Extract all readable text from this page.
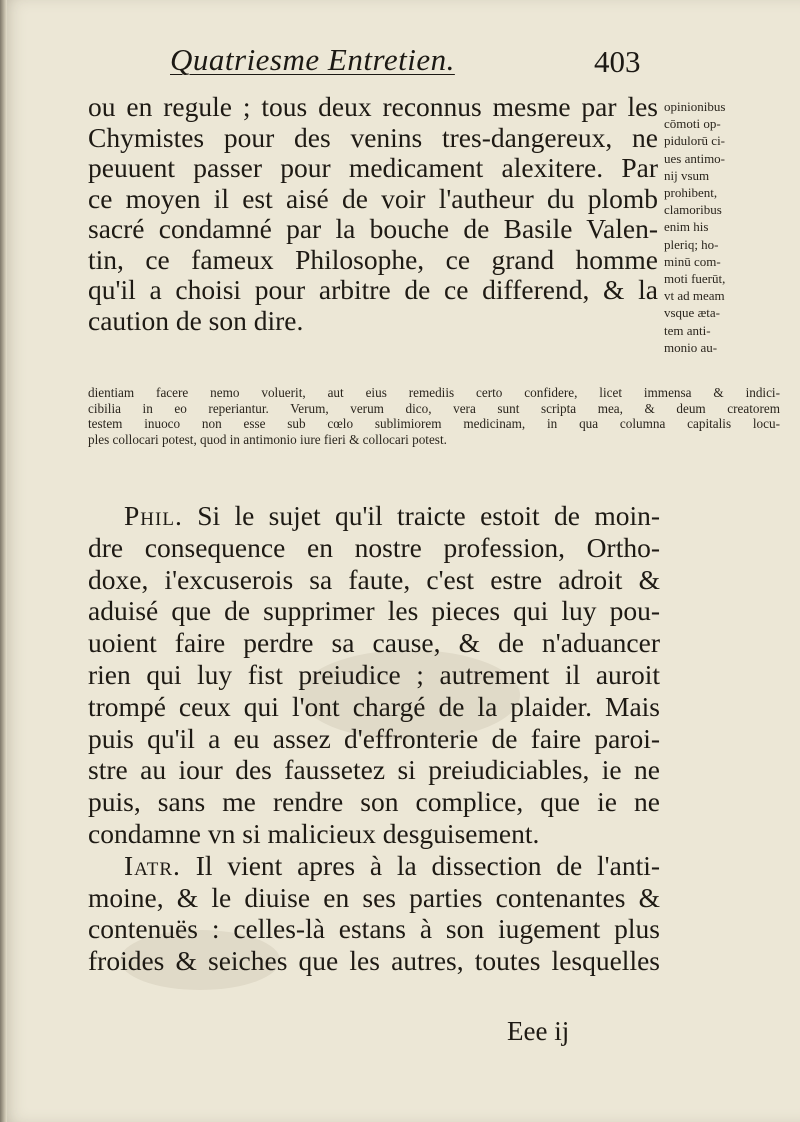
Quatriesme Entretien.	403
ou en regule ; tous deux reconnus mesme par les
Chymistes pour des venins tres-dangereux, ne
peuuent passer pour medicament alexitere. Par
ce moyen il est aisé de voir l'autheur du plomb
sacré condamné par la bouche de Basile Valen-
tin, ce fameux Philosophe, ce grand homme
qu'il a choisi pour arbitre de ce differend, & la
caution de son dire.
opinionibus
cōmoti op-
pidulorū ci-
ues antimo-
nij vsum
prohibent,
clamoribus
enim his
pleriq; ho-
minū com-
moti fuerūt,
vt ad meam
vsque æta-
tem anti-
monio au-
dientiam facere nemo voluerit, aut eius remediis certo confidere, licet immensa & indici-
cibilia in eo reperiantur. Verum, verum dico, vera sunt scripta mea, & deum creatorem
testem inuoco non esse sub cœlo sublimiorem medicinam, in qua columna capitalis locu-
ples collocari potest, quod in antimonio iure fieri & collocari potest.
Phil. Si le sujet qu'il traicte estoit de moin-
dre consequence en nostre profession, Ortho-
doxe, i'excuserois sa faute, c'est estre adroit &
aduisé que de supprimer les pieces qui luy pou-
uoient faire perdre sa cause, & de n'aduancer
rien qui luy fist preiudice ; autrement il auroit
trompé ceux qui l'ont chargé de la plaider. Mais
puis qu'il a eu assez d'effronterie de faire paroi-
stre au iour des faussetez si preiudiciables, ie ne
puis, sans me rendre son complice, que ie ne
condamne vn si malicieux desguisement.
Iatr. Il vient apres à la dissection de l'anti-
moine, & le diuise en ses parties contenantes &
contenuës : celles-là estans à son iugement plus
froides & seiches que les autres, toutes lesquelles
Eee ij
